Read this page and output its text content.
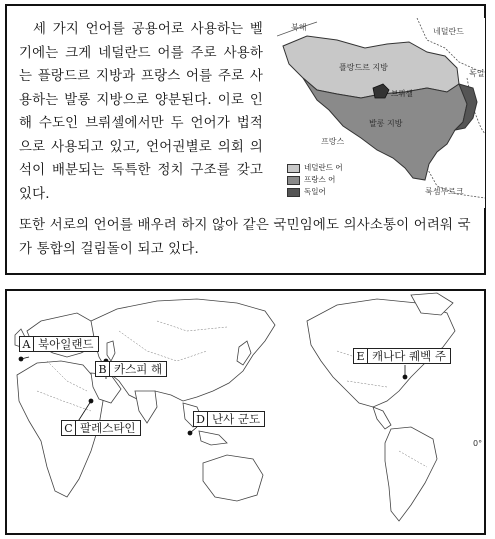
세 가지 언어를 공용어로 사용하는 벨기에는 크게 네덜란드 어를 주로 사용하는 플랑드르 지방과 프랑스 어를 주로 사용하는 발롱 지방으로 양분된다. 이로 인해 수도인 브뤼셀에서만 두 언어가 법적으로 사용되고 있고, 언어권별로 의회 의석이 배분되는 독특한 정치 구조를 갖고 있다.

북해	네덜란드
플랑드르 지방
브뤼셀
독일
발롱 지방
프랑스
룩셈부르크
네덜란드 어
프랑스 어
독일어

또한 서로의 언어를 배우려 하지 않아 같은 국민임에도 의사소통이 어려워 국가 통합의 걸림돌이 되고 있다.

A 북아일랜드
B 카스피 해
C 팔레스타인
D 난사 군도
E 캐나다 퀘벡 주
0°
